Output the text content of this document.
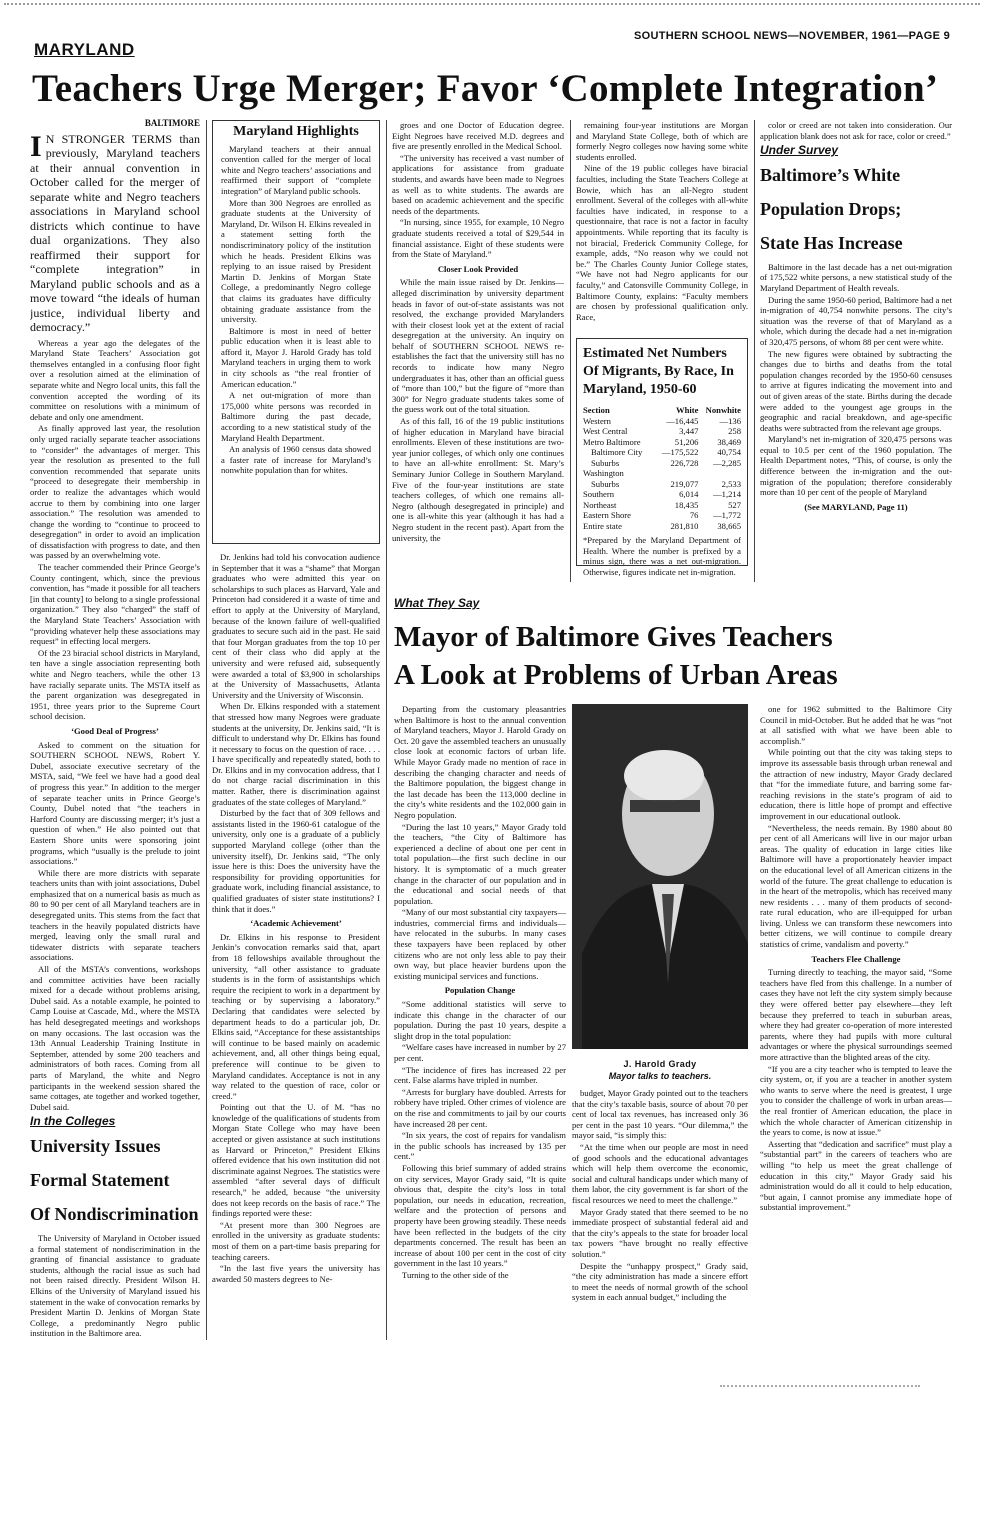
MARYLAND
SOUTHERN SCHOOL NEWS—NOVEMBER, 1961—PAGE 9
Teachers Urge Merger; Favor ‘Complete Integration’
BALTIMORE
I N STRONGER TERMS than previously, Maryland teachers at their annual convention in October called for the merger of separate white and Negro teachers associations in Maryland school districts which continue to have dual organizations. They also reaffirmed their support for “complete integration” in Maryland public schools and as a move toward “the ideals of human justice, individual liberty and democracy.”

Whereas a year ago the delegates of the Maryland State Teachers’ Association got themselves entangled in a confusing floor fight over a resolution aimed at the elimination of separate white and Negro local units, this fall the convention accepted the wording of its committee on resolutions with a minimum of debate and only one amendment.

As finally approved last year, the resolution only urged racially separate teacher associations to “consider” the advantages of merger. This year the resolution as presented to the full convention recommended that separate units “proceed to desegregate their membership in order to realize the advantages which would accrue to them by combining into one larger association.” The resolution was amended to change the wording to “continue to proceed to desegregation” in order to avoid an implication of dissatisfaction with progress to date, and then was passed by an overwhelming vote.

The teacher commended their Prince George’s County contingent, which, since the previous convention, has “made it possible for all teachers [in that county] to belong to a single professional organization.” They also “charged” the staff of the Maryland State Teachers’ Association with “providing whatever help these associations may request” in effecting local mergers.

Of the 23 biracial school districts in Maryland, ten have a single association representing both white and Negro teachers, while the other 13 have racially separate units. The MSTA itself as the parent organization was desegregated in 1951, three years prior to the Supreme Court school decision.

‘Good Deal of Progress’

Asked to comment on the situation for SOUTHERN SCHOOL NEWS, Robert Y. Dubel, associate executive secretary of the MSTA, said, “We feel we have had a good deal of progress this year.” In addition to the merger of separate teacher units in Prince George’s County, Dubel noted that “the teachers in Harford County are discussing merger; it’s just a question of when.” He also pointed out that Eastern Shore units were sponsoring joint programs, which “usually is the prelude to joint associations.”

While there are more districts with separate teachers units than with joint associations, Dubel emphasized that on a numerical basis as much as 80 to 90 per cent of all Maryland teachers are in desegregated units. This stems from the fact that teachers in the heavily populated districts have merged, leaving only the small rural and tidewater districts with separate teachers associations.

All of the MSTA’s conventions, workshops and committee activities have been racially mixed for a decade without problems arising, Dubel said. As a notable example, he pointed to Camp Louise at Cascade, Md., where the MSTA has held desegregated meetings and workshops on many occasions. The last occasion was the 13th Annual Leadership Training Institute in September, attended by some 200 teachers and administrators of both races. Coming from all parts of Maryland, the white and Negro participants in the weekend session shared the same cottages, ate together and worked together, Dubel said.

In the Colleges
University Issues
Formal Statement
Of Nondiscrimination

The University of Maryland in October issued a formal statement of nondiscrimination in the granting of financial assistance to graduate students, although the racial issue as such had not been raised directly. President Wilson H. Elkins of the University of Maryland issued his statement in the wake of convocation remarks by President Martin D. Jenkins of Morgan State College, a predominantly Negro public institution in the Baltimore area.

Maryland Highlights

Maryland teachers at their annual convention called for the merger of local white and Negro teachers’ associations and reaffirmed their support of “complete integration” of Maryland public schools.

More than 300 Negroes are enrolled as graduate students at the University of Maryland, Dr. Wilson H. Elkins revealed in a statement setting forth the nondiscriminatory policy of the institution which he heads. President Elkins was replying to an issue raised by President Martin D. Jenkins of Morgan State College, a predominantly Negro college that claims its graduates have difficulty obtaining graduate assistance from the university.

Baltimore is most in need of better public education when it is least able to afford it, Mayor J. Harold Grady has told Maryland teachers in urging them to work in city schools as “the real frontier of American education.”

A net out-migration of more than 175,000 white persons was recorded in Baltimore during the past decade, according to a new statistical study of the Maryland Health Department.

An analysis of 1960 census data showed a faster rate of increase for Maryland’s nonwhite population than for whites.

Dr. Jenkins had told his convocation audience in September that it was a “shame” that Morgan graduates who were admitted this year on scholarships to such places as Harvard, Yale and Princeton had considered it a waste of time and effort to apply at the University of Maryland, because of the known failure of well-qualified graduates to secure such aid in the past. He said that four Morgan graduates from the top 10 per cent of their class who did apply at the university and were refused aid, subsequently were awarded a total of $3,900 in scholarships at the University of Massachusetts, Atlanta University and the University of Wisconsin.

When Dr. Elkins responded with a statement that stressed how many Negroes were graduate students at the university, Dr. Jenkins said, “It is difficult to understand why Dr. Elkins has found it necessary to focus on the question of race. . . . I have specifically and repeatedly stated, both to Dr. Elkins and in my convocation address, that I do not charge racial discrimination in this matter. Rather, there is discrimination against graduates of the state colleges of Maryland.”

Disturbed by the fact that of 309 fellows and assistants listed in the 1960-61 catalogue of the university, only one is a graduate of a publicly supported Maryland college (other than the university itself), Dr. Jenkins said, “The only issue here is this: Does the university have the responsibility for providing opportunities for graduate work, including financial assistance, to qualified graduates of sister state institutions? I think that it does.”

‘Academic Achievement’

Dr. Elkins in his response to President Jenkin’s convocation remarks said that, apart from 18 fellowships available throughout the university, “all other assistance to graduate students is in the form of assistantships which require the recipient to work in a department by teaching or by supervising a laboratory.” Declaring that candidates were selected by department heads to do a particular job, Dr. Elkins said, “Acceptance for these assistantships will continue to be based mainly on academic achievement, and, all other things being equal, preference will continue to be given to Maryland candidates. Acceptance is not in any way related to the question of race, color or creed.”

Pointing out that the U. of M. “has no knowledge of the qualifications of students from Morgan State College who may have been accepted or given assistance at such institutions as Harvard or Princeton,” President Elkins offered evidence that his own institution did not discriminate against Negroes. The statistics were assembled “after several days of difficult research,” he added, because “the university does not keep records on the basis of race.” The findings reported were these:

“At present more than 300 Negroes are enrolled in the university as graduate students: most of them on a part-time basis preparing for teaching careers.

“In the last five years the university has awarded 50 masters degrees to Ne-

groes and one Doctor of Education degree. Eight Negroes have received M.D. degrees and five are presently enrolled in the Medical School.

“The university has received a vast number of applications for assistance from graduate students, and awards have been made to Negroes as well as to white students. The awards are based on academic achievement and the specific needs of the departments.

“In nursing, since 1955, for example, 10 Negro graduate students received a total of $29,544 in financial assistance. Eight of these students were from the State of Maryland.”

Closer Look Provided

While the main issue raised by Dr. Jenkins—alleged discrimination by university department heads in favor of out-of-state assistants was not resolved, the exchange provided Marylanders with their closest look yet at the extent of racial desegregation at the university. An inquiry on behalf of SOUTHERN SCHOOL NEWS re-establishes the fact that the university still has no records to indicate how many Negro undergraduates it has, other than an official guess of “more than 100,” but the figure of “more than 300” for Negro graduate students takes some of the guess work out of the total situation.

As of this fall, 16 of the 19 public institutions of higher education in Maryland have biracial enrollments. Eleven of these institutions are two-year junior colleges, of which only one continues to have an all-white enrollment: St. Mary’s Seminary Junior College in Southern Maryland. Five of the four-year institutions are state teachers colleges, of which one remains all-Negro (although desegregated in principle) and one is all-white this year (although it has had a Negro student in the recent past). Apart from the university, the

remaining four-year institutions are Morgan and Maryland State College, both of which are formerly Negro colleges now having some white students enrolled.

Nine of the 19 public colleges have biracial faculties, including the State Teachers College at Bowie, which has an all-Negro student enrollment. Several of the colleges with all-white faculties have indicated, in response to a questionnaire, that race is not a factor in faculty appointments. While reporting that its faculty is not biracial, Frederick Community College, for example, adds, “No reason why we could not be.” The Charles County Junior College states, “We have not had Negro applicants for our faculty,” and Catonsville Community College, in Baltimore County, explains: “Faculty members are chosen by professional qualification only. Race,

Estimated Net Numbers Of Migrants, By Race, In Maryland, 1950-60
Section	White	Nonwhite
Western	—16,445	—136
West Central	3,447	258
Metro Baltimore	51,206	38,469
Baltimore City	—175,522	40,754
Suburbs	226,728	—2,285
Washington		
Suburbs	219,077	2,533
Southern	6,014	—1,214
Northeast	18,435	527
Eastern Shore	76	—1,772
Entire state	281,810	38,665
*Prepared by the Maryland Department of Health. Where the number is prefixed by a minus sign, there was a net out-migration. Otherwise, figures indicate net in-migration.

color or creed are not taken into consideration. Our application blank does not ask for race, color or creed.”

Under Survey
Baltimore’s White
Population Drops;
State Has Increase

Baltimore in the last decade has a net out-migration of 175,522 white persons, a new statistical study of the Maryland Department of Health reveals.

During the same 1950-60 period, Baltimore had a net in-migration of 40,754 nonwhite persons. The city’s situation was the reverse of that of Maryland as a whole, which during the decade had a net in-migration of 320,475 persons, of whom 88 per cent were white.

The new figures were obtained by subtracting the changes due to births and deaths from the total population changes recorded by the 1950-60 censuses to arrive at figures indicating the movement into and out of given areas of the state. Births during the decade were added to the youngest age groups in the geographic and racial breakdown, and age-specific deaths were subtracted from the relevant age groups.

Maryland’s net in-migration of 320,475 persons was equal to 10.5 per cent of the 1960 population. The Health Department notes, “This, of course, is only the difference between the in-migration and the out-migration of the population; therefore considerably more than 10 per cent of the people of Maryland

(See MARYLAND, Page 11)
What They Say
Mayor of Baltimore Gives Teachers
A Look at Problems of Urban Areas

Departing from the customary pleasantries when Baltimore is host to the annual convention of Maryland teachers, Mayor J. Harold Grady on Oct. 20 gave the assembled teachers an unusually close look at economic factors of urban life. While Mayor Grady made no mention of race in describing the changing character and needs of the Baltimore population, the biggest change in the last decade has been the 113,000 decline in the city’s white residents and the 102,000 gain in Negro population.

“During the last 10 years,” Mayor Grady told the teachers, “the City of Baltimore has experienced a decline of about one per cent in total population—the first such decline in our history. It is symptomatic of a much greater change in the character of our population and in the educational and social needs of that population.

“Many of our most substantial city taxpayers—industries, commercial firms and individuals—have relocated in the suburbs. In many cases these taxpayers have been replaced by other citizens who are not only less able to pay their own way, but place heavier burdens upon the existing municipal services and functions.

Population Change

“Some additional statistics will serve to indicate this change in the character of our population. During the past 10 years, despite a slight drop in the total population:

“Welfare cases have increased in number by 27 per cent.

“The incidence of fires has increased 22 per cent. False alarms have tripled in number.

“Arrests for burglary have doubled. Arrests for robbery have tripled. Other crimes of violence are on the rise and commitments to jail by our courts have increased 28 per cent.

“In six years, the cost of repairs for vandalism in the public schools has increased by 135 per cent.”

Following this brief summary of added strains on city services, Mayor Grady said, “It is quite obvious that, despite the city’s loss in total population, our needs in education, recreation, welfare and the protection of persons and property have been growing steadily. These needs have been reflected in the budgets of the city departments concerned. The result has been an increase of about 100 per cent in the cost of city government in the last 10 years.”

Turning to the other side of the

J. Harold Grady
Mayor talks to teachers.

budget, Mayor Grady pointed out to the teachers that the city’s taxable basis, source of about 70 per cent of local tax revenues, has increased only 36 per cent in the past 10 years. “Our dilemma,” the mayor said, “is simply this:

“At the time when our people are most in need of good schools and the educational advantages which will help them overcome the economic, social and cultural handicaps under which many of them labor, the city government is far short of the fiscal resources we need to meet the challenge.”

Mayor Grady stated that there seemed to be no immediate prospect of substantial federal aid and that the city’s appeals to the state for broader local tax powers “have brought no really effective solution.”

Despite the “unhappy prospect,” Grady said, “the city administration has made a sincere effort to meet the needs of normal growth of the school system in each annual budget,” including the

one for 1962 submitted to the Baltimore City Council in mid-October. But he added that he was “not at all satisfied with what we have been able to accomplish.”

While pointing out that the city was taking steps to improve its assessable basis through urban renewal and the attraction of new industry, Mayor Grady declared that “for the immediate future, and barring some far-reaching revisions in the state’s program of aid to education, there is little hope of prompt and effective improvement in our educational outlook.

“Nevertheless, the needs remain. By 1980 about 80 per cent of all Americans will live in our major urban areas. The quality of education in large cities like Baltimore will have a proportionately heavier impact on the educational level of all American citizens in the world of the future. The great challenge to education is in the heart of the metropolis, which has received many new residents . . . many of them products of second-rate rural education, who are ill-equipped for urban living. Unless we can transform these newcomers into better citizens, we will continue to compile dreary statistics of crime, vandalism and poverty.”

Teachers Flee Challenge

Turning directly to teaching, the mayor said, “Some teachers have fled from this challenge. In a number of cases they have not left the city system simply because they were offered better pay elsewhere—they left because they preferred to teach in suburban areas, where they had greater co-operation of more interested parents, where they had pupils with more cultural advantages or where the physical surroundings seemed more attractive than the blighted areas of the city.

“If you are a city teacher who is tempted to leave the city system, or, if you are a teacher in another system who wants to serve where the need is greatest, I urge you to consider the challenge of work in urban areas—the real frontier of American education, the place in which the whole character of American citizenship in the years to come, is now at issue.”

Asserting that “dedication and sacrifice” must play a “substantial part” in the careers of teachers who are willing “to help us meet the great challenge of education in this city,” Mayor Grady said his administration would do all it could to help education, “but again, I cannot promise any immediate hope of substantial improvement.”
